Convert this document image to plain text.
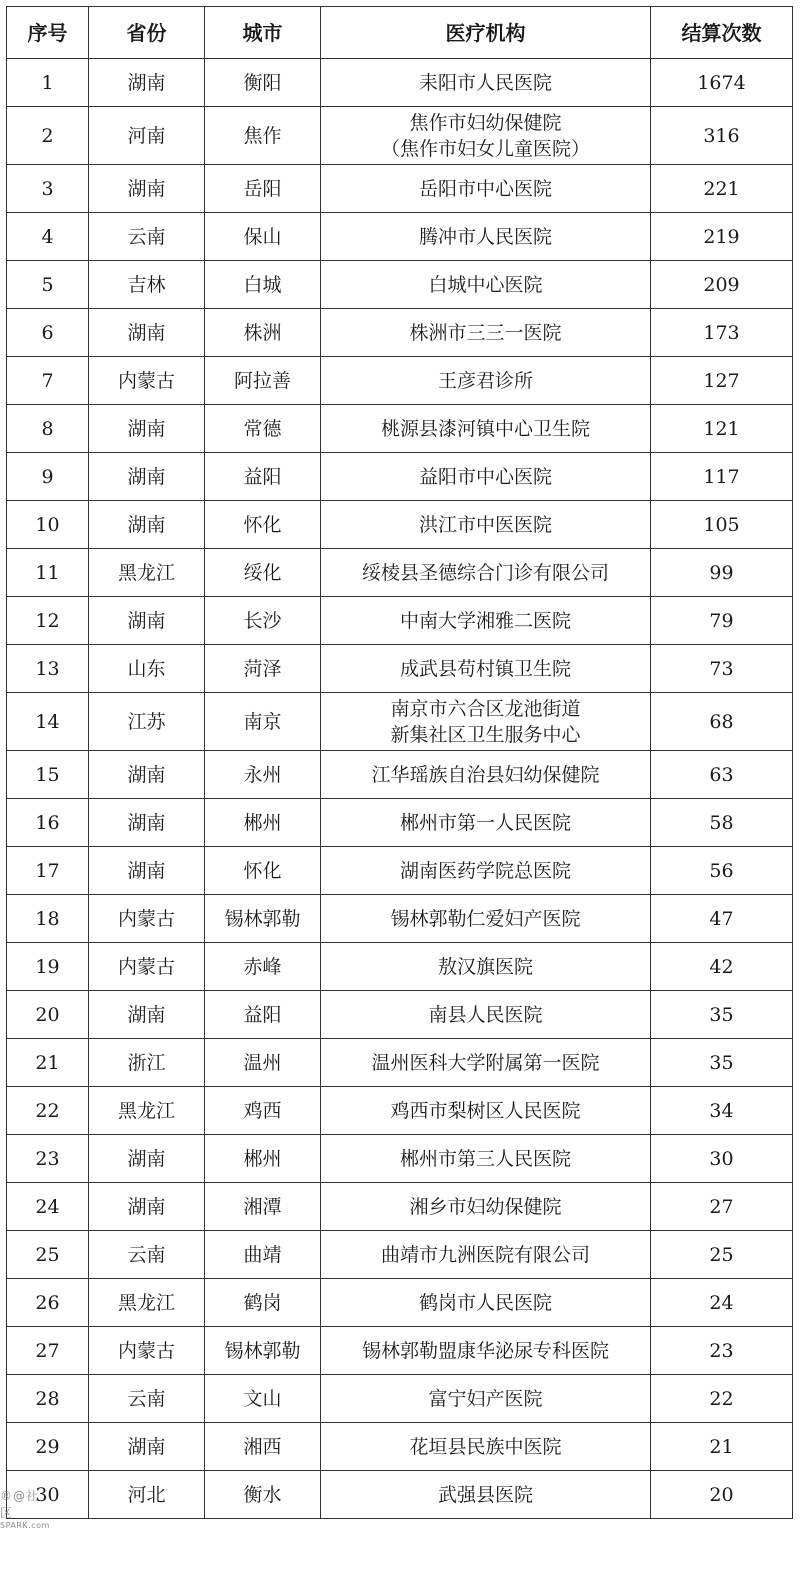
序号	省份	城市	医疗机构	结算次数
1	湖南	衡阳	耒阳市人民医院	1674
2	河南	焦作	焦作市妇幼保健院
（焦作市妇女儿童医院）	316
3	湖南	岳阳	岳阳市中心医院	221
4	云南	保山	腾冲市人民医院	219
5	吉林	白城	白城中心医院	209
6	湖南	株洲	株洲市三三一医院	173
7	内蒙古	阿拉善	王彦君诊所	127
8	湖南	常德	桃源县漆河镇中心卫生院	121
9	湖南	益阳	益阳市中心医院	117
10	湖南	怀化	洪江市中医医院	105
11	黑龙江	绥化	绥棱县圣德综合门诊有限公司	99
12	湖南	长沙	中南大学湘雅二医院	79
13	山东	菏泽	成武县苟村镇卫生院	73
14	江苏	南京	南京市六合区龙池街道
新集社区卫生服务中心	68
15	湖南	永州	江华瑶族自治县妇幼保健院	63
16	湖南	郴州	郴州市第一人民医院	58
17	湖南	怀化	湖南医药学院总医院	56
18	内蒙古	锡林郭勒	锡林郭勒仁爱妇产医院	47
19	内蒙古	赤峰	敖汉旗医院	42
20	湖南	益阳	南县人民医院	35
21	浙江	温州	温州医科大学附属第一医院	35
22	黑龙江	鸡西	鸡西市梨树区人民医院	34
23	湖南	郴州	郴州市第三人民医院	30
24	湖南	湘潭	湘乡市妇幼保健院	27
25	云南	曲靖	曲靖市九洲医院有限公司	25
26	黑龙江	鹤岗	鹤岗市人民医院	24
27	内蒙古	锡林郭勒	锡林郭勒盟康华泌尿专科医院	23
28	云南	文山	富宁妇产医院	22
29	湖南	湘西	花垣县民族中医院	21
30	河北	衡水	武强县医院	20
®@社区
SPARK.com
